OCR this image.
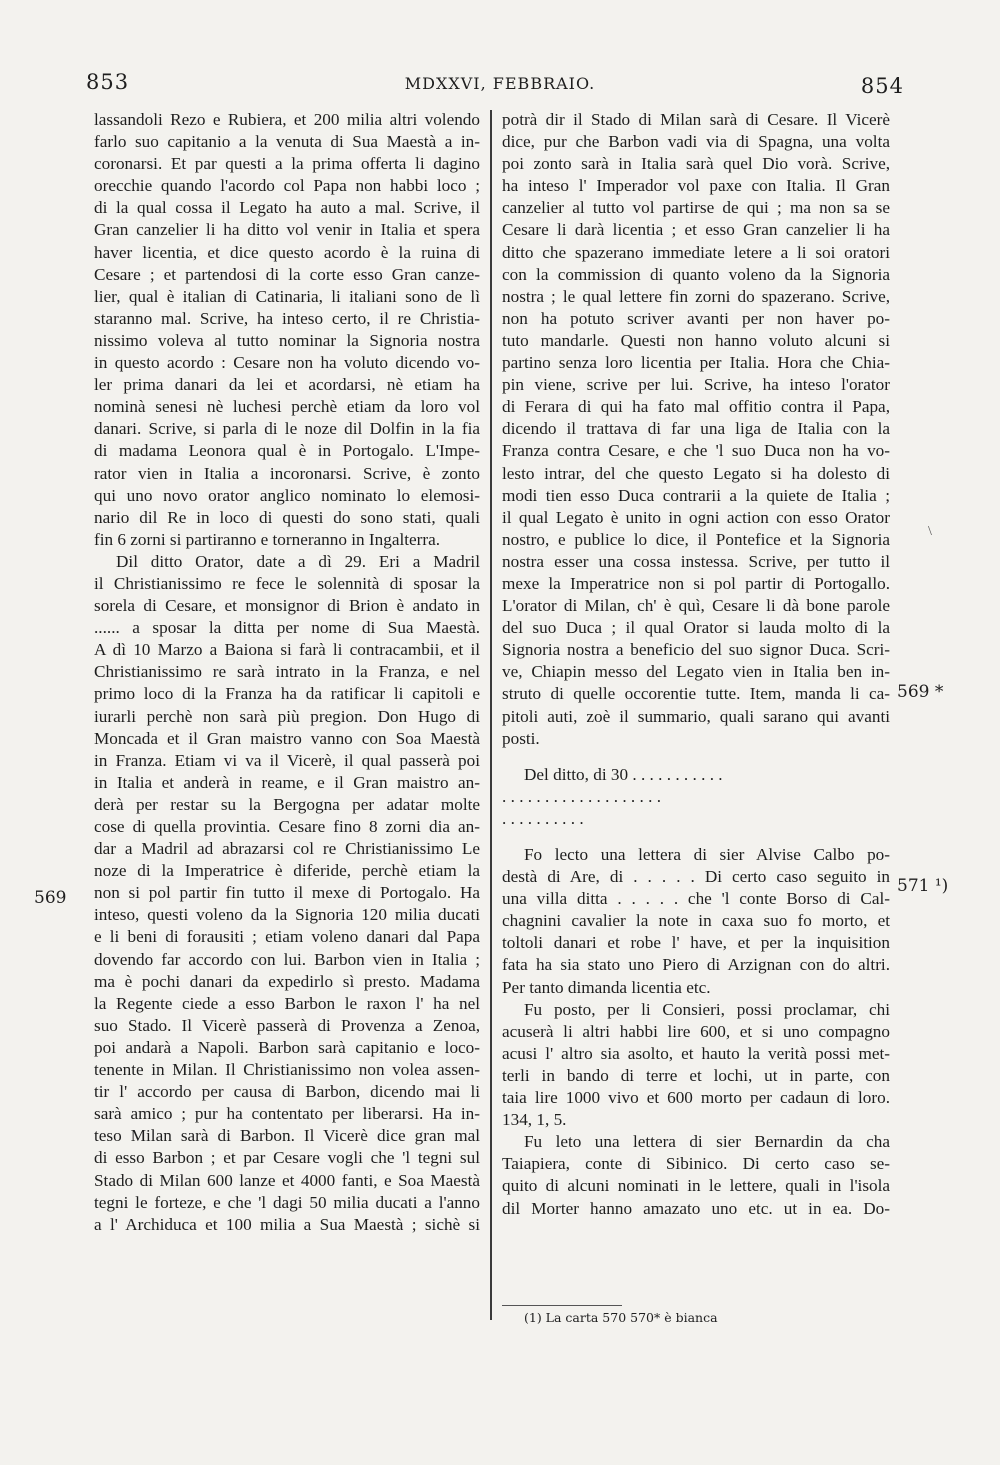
853	MDXXVI, FEBBRAIO.	854
lassandoli Rezo e Rubiera, et 200 milia altri volendo
farlo suo capitanio a la venuta di Sua Maestà a in-
coronarsi. Et par questi a la prima offerta li dagino
orecchie quando l'acordo col Papa non habbi loco ;
di la qual cossa il Legato ha auto a mal. Scrive, il
Gran canzelier li ha ditto vol venir in Italia et spera
haver licentia, et dice questo acordo è la ruina di
Cesare ; et partendosi di la corte esso Gran canze-
lier, qual è italian di Catinaria, li italiani sono de lì
staranno mal. Scrive, ha inteso certo, il re Christia-
nissimo voleva al tutto nominar la Signoria nostra
in questo acordo : Cesare non ha voluto dicendo vo-
ler prima danari da lei et acordarsi, nè etiam ha
nominà senesi nè luchesi perchè etiam da loro vol
danari. Scrive, si parla di le noze dil Dolfin in la fia
di madama Leonora qual è in Portogalo. L'Impe-
rator vien in Italia a incoronarsi. Scrive, è zonto
qui uno novo orator anglico nominato lo elemosi-
nario dil Re in loco di questi do sono stati, quali
fin 6 zorni si partiranno e torneranno in Ingalterra.
Dil ditto Orator, date a dì 29. Eri a Madril
il Christianissimo re fece le solennità di sposar la
sorela di Cesare, et monsignor di Brion è andato in
...... a sposar la ditta per nome di Sua Maestà.
A dì 10 Marzo a Baiona si farà li contracambii, et il
Christianissimo re sarà intrato in la Franza, e nel
primo loco di la Franza ha da ratificar li capitoli e
iurarli perchè non sarà più pregion. Don Hugo di
Moncada et il Gran maistro vanno con Soa Maestà
in Franza. Etiam vi va il Vicerè, il qual passerà poi
in Italia et anderà in reame, e il Gran maistro an-
derà per restar su la Bergogna per adatar molte
cose di quella provintia. Cesare fino 8 zorni dia an-
dar a Madril ad abrazarsi col re Christianissimo Le
noze di la Imperatrice è diferide, perchè etiam la
non si pol partir fin tutto il mexe di Portogalo. Ha
inteso, questi voleno da la Signoria 120 milia ducati
e li beni di forausiti ; etiam voleno danari dal Papa
dovendo far accordo con lui. Barbon vien in Italia ;
ma è pochi danari da expedirlo sì presto. Madama
la Regente ciede a esso Barbon le raxon l' ha nel
suo Stado. Il Vicerè passerà di Provenza a Zenoa,
poi andarà a Napoli. Barbon sarà capitanio e loco-
tenente in Milan. Il Christianissimo non volea assen-
tir l' accordo per causa di Barbon, dicendo mai li
sarà amico ; pur ha contentato per liberarsi. Ha in-
teso Milan sarà di Barbon. Il Vicerè dice gran mal
di esso Barbon ; et par Cesare vogli che 'l tegni sul
Stado di Milan 600 lanze et 4000 fanti, e Soa Maestà
tegni le forteze, e che 'l dagi 50 milia ducati a l'anno
a l' Archiduca et 100 milia a Sua Maestà ; sichè si
potrà dir il Stado di Milan sarà di Cesare. Il Vicerè
dice, pur che Barbon vadi via di Spagna, una volta
poi zonto sarà in Italia sarà quel Dio vorà. Scrive,
ha inteso l' Imperador vol paxe con Italia. Il Gran
canzelier al tutto vol partirse de qui ; ma non sa se
Cesare li darà licentia ; et esso Gran canzelier li ha
ditto che spazerano immediate letere a li soi oratori
con la commission di quanto voleno da la Signoria
nostra ; le qual lettere fin zorni do spazerano. Scrive,
non ha potuto scriver avanti per non haver po-
tuto mandarle. Questi non hanno voluto alcuni si
partino senza loro licentia per Italia. Hora che Chia-
pin viene, scrive per lui. Scrive, ha inteso l'orator
di Ferara di qui ha fato mal offitio contra il Papa,
dicendo il trattava di far una liga de Italia con la
Franza contra Cesare, e che 'l suo Duca non ha vo-
lesto intrar, del che questo Legato si ha dolesto di
modi tien esso Duca contrarii a la quiete de Italia ;
il qual Legato è unito in ogni action con esso Orator
nostro, e publice lo dice, il Pontefice et la Signoria
nostra esser una cossa instessa. Scrive, per tutto il
mexe la Imperatrice non si pol partir di Portogallo.
L'orator di Milan, ch' è quì, Cesare li dà bone parole
del suo Duca ; il qual Orator si lauda molto di la
Signoria nostra a beneficio del suo signor Duca. Scri-
ve, Chiapin messo del Legato vien in Italia ben in-
struto di quelle occorentie tutte. Item, manda li ca-
pitoli auti, zoè il summario, quali sarano qui avanti
posti.
Del ditto, di 30 . . . . . . . . . . .
. . . . . . . . . . . . . . . . . . .
. . . . . . . . . .
Fo lecto una lettera di sier Alvise Calbo po-
destà di Are, di . . . . . Di certo caso seguito in
una villa ditta . . . . . che 'l conte Borso di Cal-
chagnini cavalier la note in caxa suo fo morto, et
toltoli danari et robe l' have, et per la inquisition
fata ha sia stato uno Piero di Arzignan con do altri.
Per tanto dimanda licentia etc.
Fu posto, per li Consieri, possi proclamar, chi
acuserà li altri habbi lire 600, et si uno compagno
acusi l' altro sia asolto, et hauto la verità possi met-
terli in bando di terre et lochi, ut in parte, con
taia lire 1000 vivo et 600 morto per cadaun di loro.
134, 1, 5.
Fu leto una lettera di sier Bernardin da cha
Taiapiera, conte di Sibinico. Di certo caso se-
quito di alcuni nominati in le lettere, quali in l'isola
dil Morter hanno amazato uno etc. ut in ea. Do-
569
569 *
571 ¹)
\
(1) La carta 570 570* è bianca
